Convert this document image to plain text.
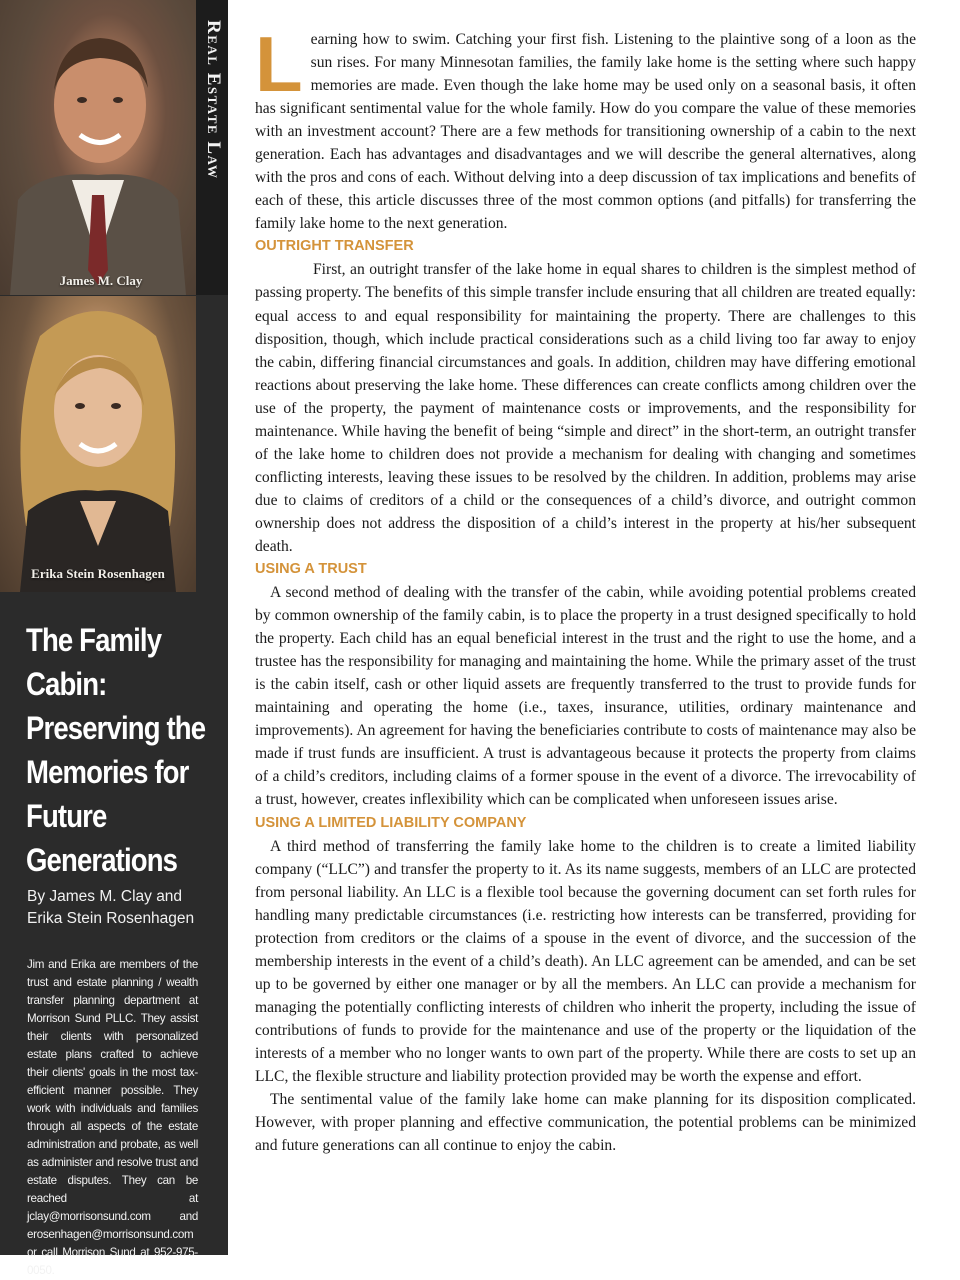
James M. Clay
Erika Stein Rosenhagen
Real Estate Law
The Family Cabin: Preserving the Memories for Future Generations
By James M. Clay and
Erika Stein Rosenhagen
Jim and Erika are members of the trust and estate planning / wealth transfer planning department at Morrison Sund PLLC. They assist their clients with personalized estate plans crafted to achieve their clients' goals in the most tax-efficient manner possible. They work with individuals and families through all aspects of the estate administration and probate, as well as administer and resolve trust and estate disputes. They can be reached at jclay@morrisonsund.com and erosenhagen@morrisonsund.com or call Morrison Sund at 952-975-0050.

Learning how to swim. Catching your first fish. Listening to the plaintive song of a loon as the sun rises. For many Minnesotan families, the family lake home is the setting where such happy memories are made. Even though the lake home may be used only on a seasonal basis, it often has significant sentimental value for the whole family. How do you compare the value of these memories with an investment account? There are a few methods for transitioning ownership of a cabin to the next generation. Each has advantages and disadvantages and we will describe the general alternatives, along with the pros and cons of each. Without delving into a deep discussion of tax implications and benefits of each of these, this article discusses three of the most common options (and pitfalls) for transferring the family lake home to the next generation.

OUTRIGHT TRANSFER

First, an outright transfer of the lake home in equal shares to children is the simplest method of passing property. The benefits of this simple transfer include ensuring that all children are treated equally: equal access to and equal responsibility for maintaining the property. There are challenges to this disposition, though, which include practical considerations such as a child living too far away to enjoy the cabin, differing financial circumstances and goals. In addition, children may have differing emotional reactions about preserving the lake home. These differences can create conflicts among children over the use of the property, the payment of maintenance costs or improvements, and the responsibility for maintenance. While having the benefit of being “simple and direct” in the short-term, an outright transfer of the lake home to children does not provide a mechanism for dealing with changing and sometimes conflicting interests, leaving these issues to be resolved by the children. In addition, problems may arise due to claims of creditors of a child or the consequences of a child’s divorce, and outright common ownership does not address the disposition of a child’s interest in the property at his/her subsequent death.

USING A TRUST

A second method of dealing with the transfer of the cabin, while avoiding potential problems created by common ownership of the family cabin, is to place the property in a trust designed specifically to hold the property. Each child has an equal beneficial interest in the trust and the right to use the home, and a trustee has the responsibility for managing and maintaining the home. While the primary asset of the trust is the cabin itself, cash or other liquid assets are frequently transferred to the trust to provide funds for maintaining and operating the home (i.e., taxes, insurance, utilities, ordinary maintenance and improvements). An agreement for having the beneficiaries contribute to costs of maintenance may also be made if trust funds are insufficient. A trust is advantageous because it protects the property from claims of a child’s creditors, including claims of a former spouse in the event of a divorce. The irrevocability of a trust, however, creates inflexibility which can be complicated when unforeseen issues arise.

USING A LIMITED LIABILITY COMPANY

A third method of transferring the family lake home to the children is to create a limited liability company (“LLC”) and transfer the property to it. As its name suggests, members of an LLC are protected from personal liability. An LLC is a flexible tool because the governing document can set forth rules for handling many predictable circumstances (i.e. restricting how interests can be transferred, providing for protection from creditors or the claims of a spouse in the event of divorce, and the succession of the membership interests in the event of a child’s death). An LLC agreement can be amended, and can be set up to be governed by either one manager or by all the members. An LLC can provide a mechanism for managing the potentially conflicting interests of children who inherit the property, including the issue of contributions of funds to provide for the maintenance and use of the property or the liquidation of the interests of a member who no longer wants to own part of the property. While there are costs to set up an LLC, the flexible structure and liability protection provided may be worth the expense and effort.

The sentimental value of the family lake home can make planning for its disposition complicated. However, with proper planning and effective communication, the potential problems can be minimized and future generations can all continue to enjoy the cabin.
